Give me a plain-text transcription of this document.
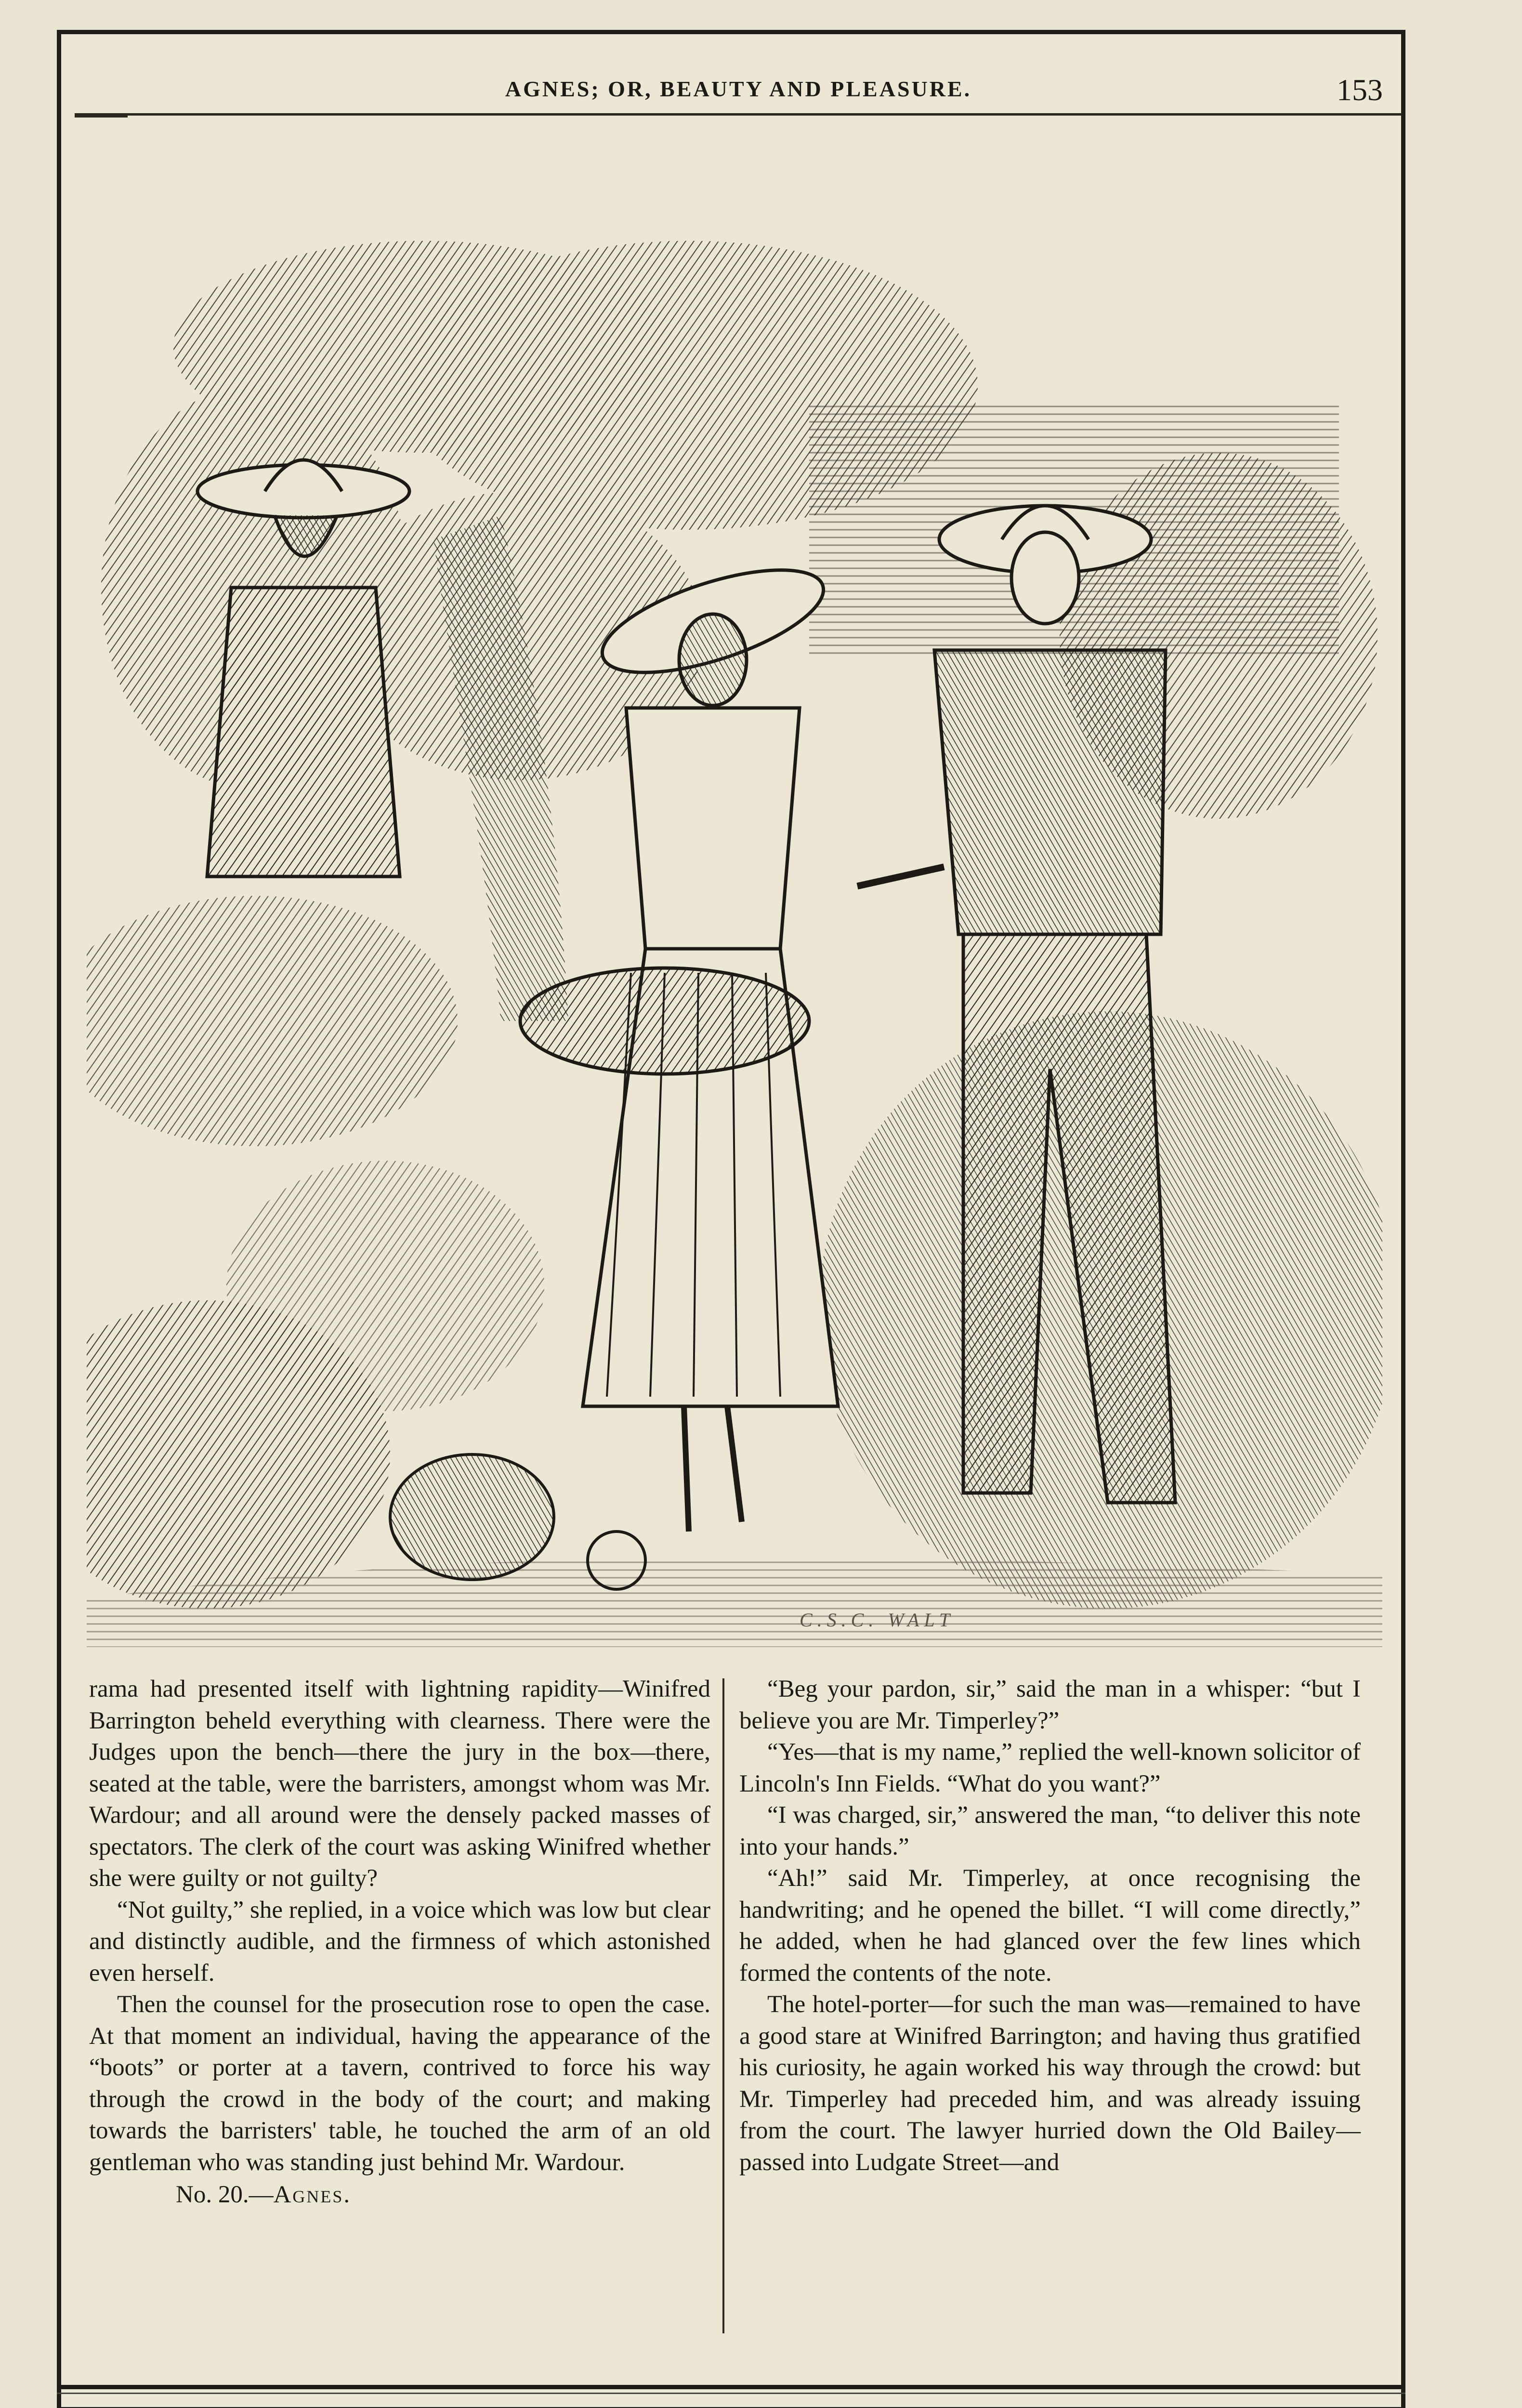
AGNES; OR, BEAUTY AND PLEASURE.	153
C.S.C. WALT

rama had presented itself with lightning rapidity—Winifred Barrington beheld everything with clearness. There were the Judges upon the bench—there the jury in the box—there, seated at the table, were the barristers, amongst whom was Mr. Wardour; and all around were the densely packed masses of spectators. The clerk of the court was asking Winifred whether she were guilty or not guilty?

“Not guilty,” she replied, in a voice which was low but clear and distinctly audible, and the firmness of which astonished even herself.

Then the counsel for the prosecution rose to open the case. At that moment an individual, having the appearance of the “boots” or porter at a tavern, contrived to force his way through the crowd in the body of the court; and making towards the barristers' table, he touched the arm of an old gentleman who was standing just behind Mr. Wardour.

No. 20.—Agnes.

“Beg your pardon, sir,” said the man in a whisper: “but I believe you are Mr. Timperley?”

“Yes—that is my name,” replied the well-known solicitor of Lincoln's Inn Fields. “What do you want?”

“I was charged, sir,” answered the man, “to deliver this note into your hands.”

“Ah!” said Mr. Timperley, at once recognising the handwriting; and he opened the billet. “I will come directly,” he added, when he had glanced over the few lines which formed the contents of the note.

The hotel-porter—for such the man was—remained to have a good stare at Winifred Barrington; and having thus gratified his curiosity, he again worked his way through the crowd: but Mr. Timperley had preceded him, and was already issuing from the court. The lawyer hurried down the Old Bailey—passed into Ludgate Street—and
